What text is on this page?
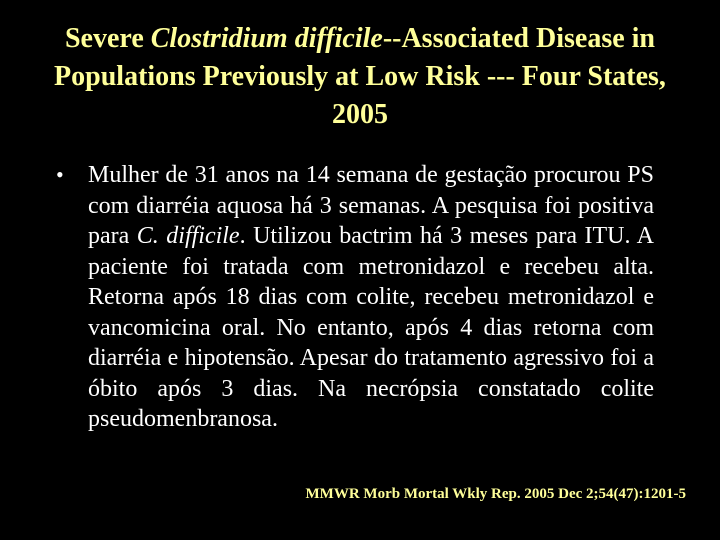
Severe Clostridium difficile--Associated Disease in Populations Previously at Low Risk --- Four States, 2005
•	Mulher de 31 anos na 14 semana de gestação procurou PS com diarréia aquosa há 3 semanas. A pesquisa foi positiva para C. difficile. Utilizou bactrim há 3 meses para ITU. A paciente foi tratada com metronidazol e recebeu alta. Retorna após 18 dias com colite, recebeu metronidazol e vancomicina oral. No entanto, após 4 dias retorna com diarréia e hipotensão. Apesar do tratamento agressivo foi a óbito após 3 dias. Na necrópsia constatado colite pseudomenbranosa.
MMWR Morb Mortal Wkly Rep. 2005 Dec 2;54(47):1201-5
